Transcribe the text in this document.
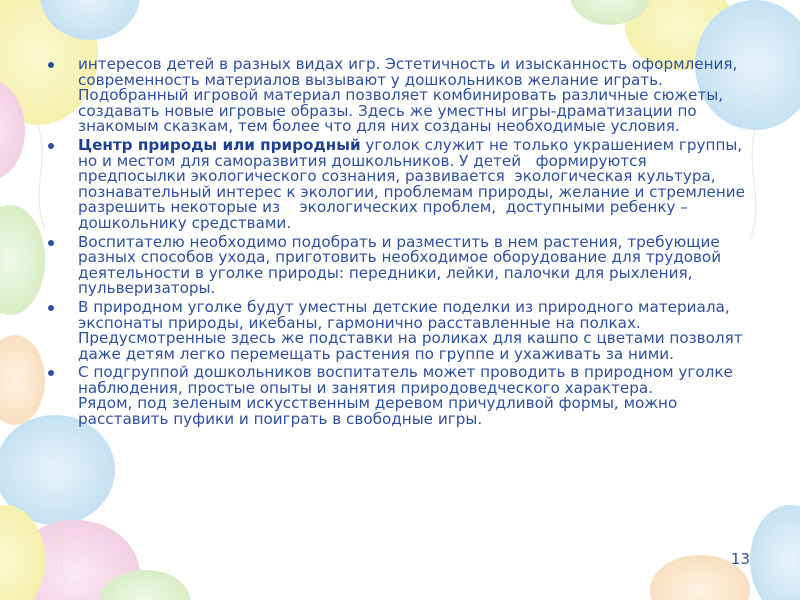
интересов детей в разных видах игр. Эстетичность и изысканность оформления, современность материалов вызывают у дошкольников желание играть. Подобранный игровой материал позволяет комбинировать различные сюжеты, создавать новые игровые образы. Здесь же уместны игры-драматизации по знакомым сказкам, тем более что для них созданы необходимые условия.
Центр природы или природный уголок служит не только украшением группы, но и местом для саморазвития дошкольников. У детей   формируются предпосылки экологического сознания, развивается  экологическая культура, познавательный интерес к экологии, проблемам природы, желание и стремление разрешить некоторые из    экологических проблем,  доступными ребенку – дошкольнику средствами.
Воспитателю необходимо подобрать и разместить в нем растения, требующие разных способов ухода, приготовить необходимое оборудование для трудовой деятельности в уголке природы: передники, лейки, палочки для рыхления, пульверизаторы.
В природном уголке будут уместны детские поделки из природного материала, экспонаты природы, икебаны, гармонично расставленные на полках. Предусмотренные здесь же подставки на роликах для кашпо с цветами позволят даже детям легко перемещать растения по группе и ухаживать за ними.
С подгруппой дошкольников воспитатель может проводить в природном уголке наблюдения, простые опыты и занятия природоведческого характера.
Рядом, под зеленым искусственным деревом причудливой формы, можно расставить пуфики и поиграть в свободные игры.
13
